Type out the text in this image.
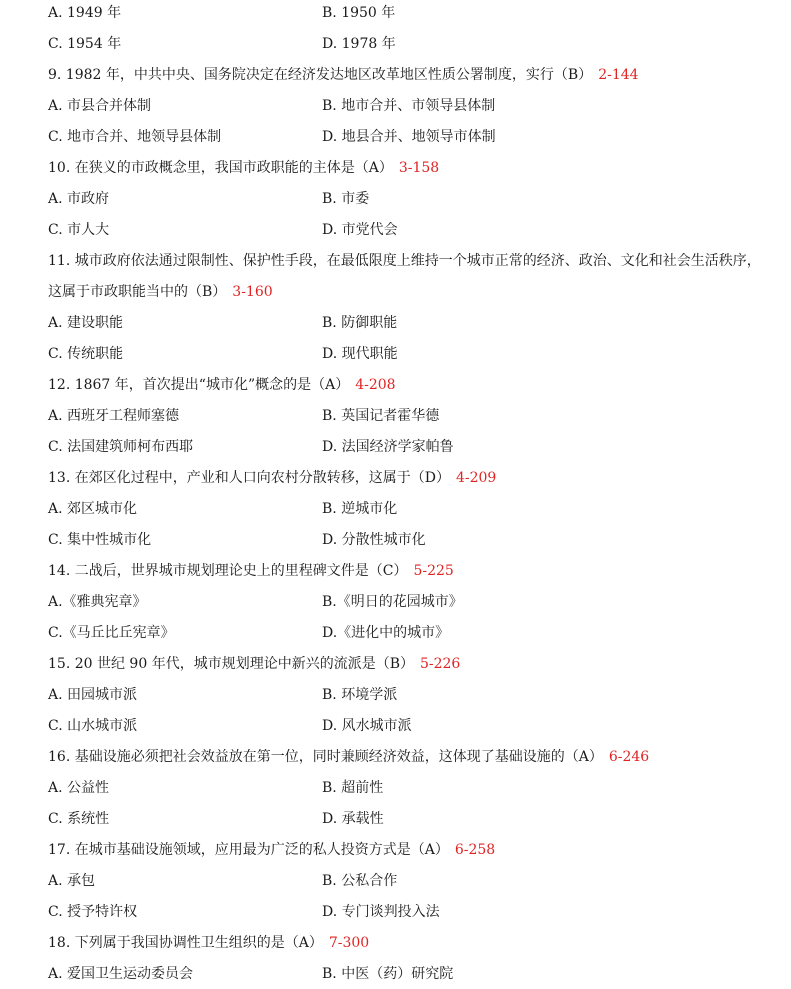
A. 1949 年	B. 1950 年
C. 1954 年	D. 1978 年
9. 1982 年，中共中央、国务院决定在经济发达地区改革地区性质公署制度，实行（B） 2-144
A. 市县合并体制	B. 地市合并、市领导县体制
C. 地市合并、地领导县体制	D. 地县合并、地领导市体制
10. 在狭义的市政概念里，我国市政职能的主体是（A） 3-158
A. 市政府	B. 市委
C. 市人大	D. 市党代会
11. 城市政府依法通过限制性、保护性手段，在最低限度上维持一个城市正常的经济、政治、文化和社会生活秩序，
这属于市政职能当中的（B） 3-160
A. 建设职能	B. 防御职能
C. 传统职能	D. 现代职能
12. 1867 年，首次提出“城市化”概念的是（A） 4-208
A. 西班牙工程师塞德	B. 英国记者霍华德
C. 法国建筑师柯布西耶	D. 法国经济学家帕鲁
13. 在郊区化过程中，产业和人口向农村分散转移，这属于（D） 4-209
A. 郊区城市化	B. 逆城市化
C. 集中性城市化	D. 分散性城市化
14. 二战后，世界城市规划理论史上的里程碑文件是（C） 5-225
A.《雅典宪章》	B.《明日的花园城市》
C.《马丘比丘宪章》	D.《进化中的城市》
15. 20 世纪 90 年代，城市规划理论中新兴的流派是（B） 5-226
A. 田园城市派	B. 环境学派
C. 山水城市派	D. 风水城市派
16. 基础设施必须把社会效益放在第一位，同时兼顾经济效益，这体现了基础设施的（A） 6-246
A. 公益性	B. 超前性
C. 系统性	D. 承载性
17. 在城市基础设施领域，应用最为广泛的私人投资方式是（A） 6-258
A. 承包	B. 公私合作
C. 授予特许权	D. 专门谈判投入法
18. 下列属于我国协调性卫生组织的是（A） 7-300
A. 爱国卫生运动委员会	B. 中医（药）研究院
